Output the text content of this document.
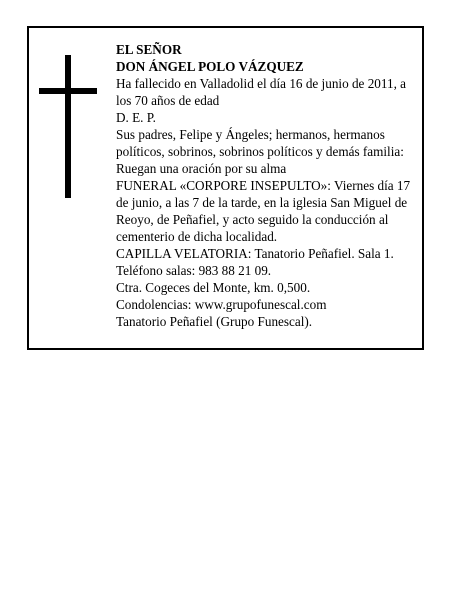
EL SEÑOR

DON ÁNGEL POLO VÁZQUEZ

Ha fallecido en Valladolid el día 16 de junio de 2011, a los 70 años de edad

D. E. P.

Sus padres, Felipe y Ángeles; hermanos, hermanos políticos, sobrinos, sobrinos políticos y demás familia:

Ruegan una oración por su alma

FUNERAL «CORPORE INSEPULTO»: Viernes día 17 de junio, a las 7 de la tarde, en la iglesia San Miguel de Reoyo, de Peñafiel, y acto seguido la conducción al cementerio de dicha localidad.

CAPILLA VELATORIA: Tanatorio Peñafiel. Sala 1.

Teléfono salas: 983 88 21 09.

Ctra. Cogeces del Monte, km. 0,500.

Condolencias: www.grupofunescal.com

Tanatorio Peñafiel (Grupo Funescal).
